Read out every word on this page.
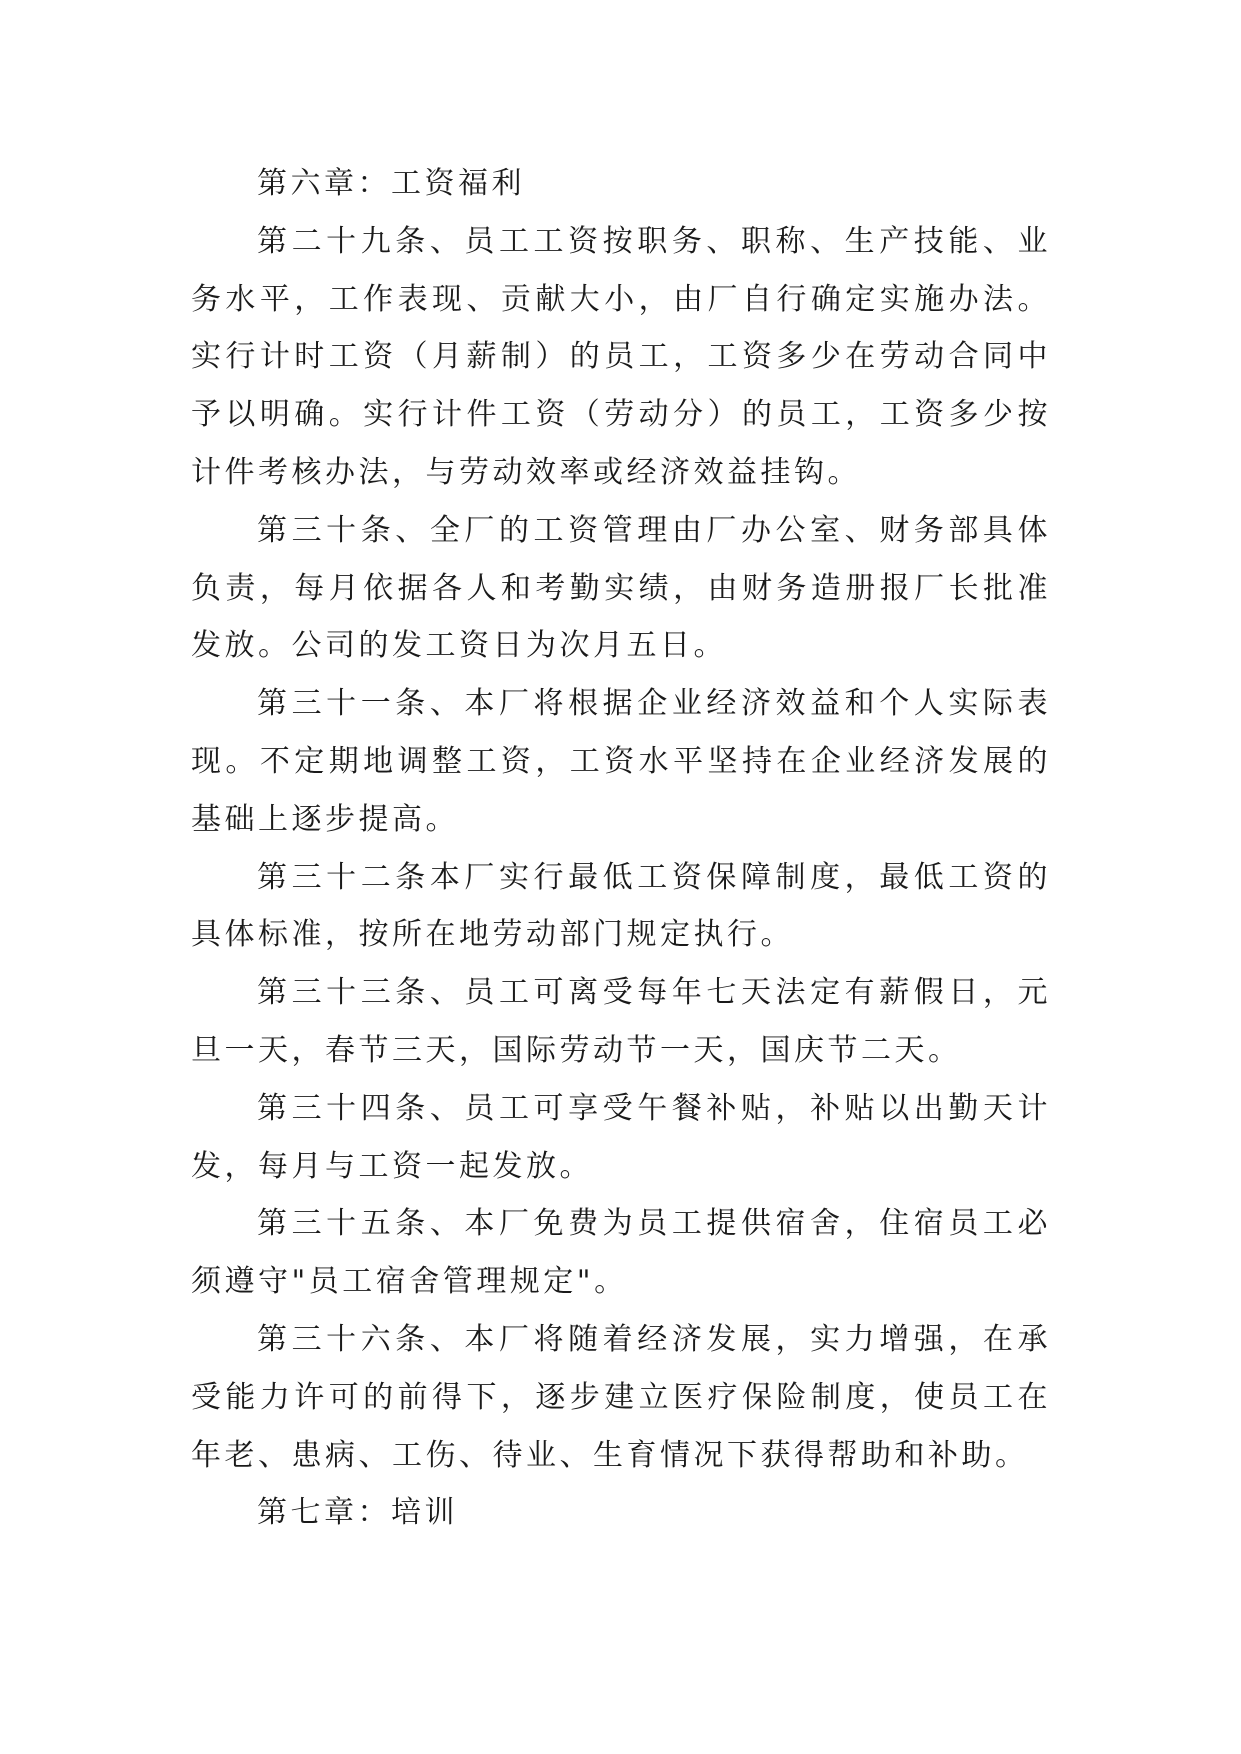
第六章：工资福利

第二十九条、员工工资按职务、职称、生产技能、业务水平，工作表现、贡献大小，由厂自行确定实施办法。实行计时工资（月薪制）的员工，工资多少在劳动合同中予以明确。实行计件工资（劳动分）的员工，工资多少按计件考核办法，与劳动效率或经济效益挂钩。

第三十条、全厂的工资管理由厂办公室、财务部具体负责，每月依据各人和考勤实绩，由财务造册报厂长批准发放。公司的发工资日为次月五日。

第三十一条、本厂将根据企业经济效益和个人实际表现。不定期地调整工资，工资水平坚持在企业经济发展的基础上逐步提高。

第三十二条本厂实行最低工资保障制度，最低工资的具体标准，按所在地劳动部门规定执行。

第三十三条、员工可离受每年七天法定有薪假日，元旦一天，春节三天，国际劳动节一天，国庆节二天。

第三十四条、员工可享受午餐补贴，补贴以出勤天计发，每月与工资一起发放。

第三十五条、本厂免费为员工提供宿舍，住宿员工必须遵守"员工宿舍管理规定"。

第三十六条、本厂将随着经济发展，实力增强，在承受能力许可的前得下，逐步建立医疗保险制度，使员工在年老、患病、工伤、待业、生育情况下获得帮助和补助。

第七章：培训
